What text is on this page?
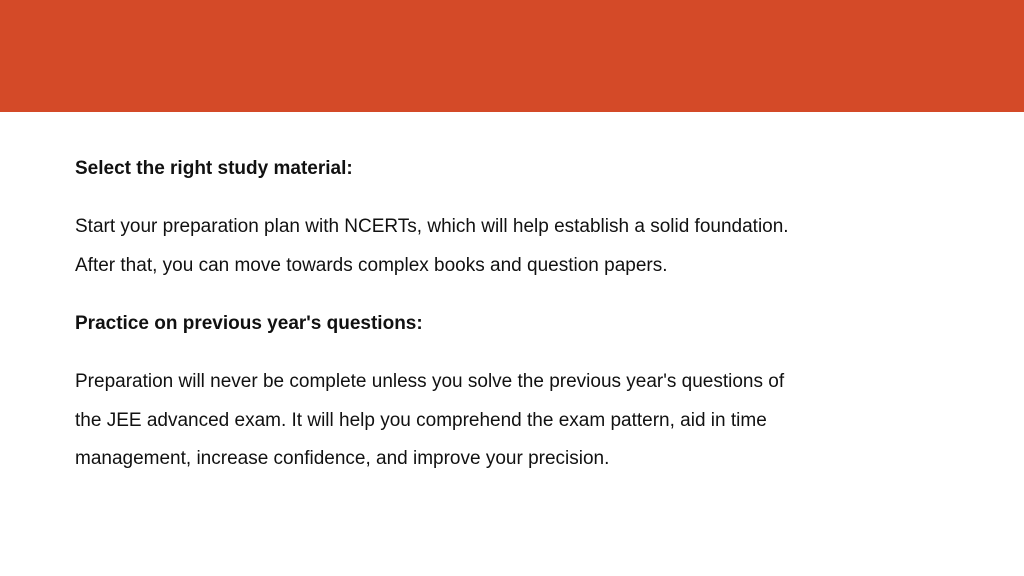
Select the right study material:

Start your preparation plan with NCERTs, which will help establish a solid foundation. After that, you can move towards complex books and question papers.

Practice on previous year's questions:

Preparation will never be complete unless you solve the previous year's questions of the JEE advanced exam. It will help you comprehend the exam pattern, aid in time management, increase confidence, and improve your precision.
